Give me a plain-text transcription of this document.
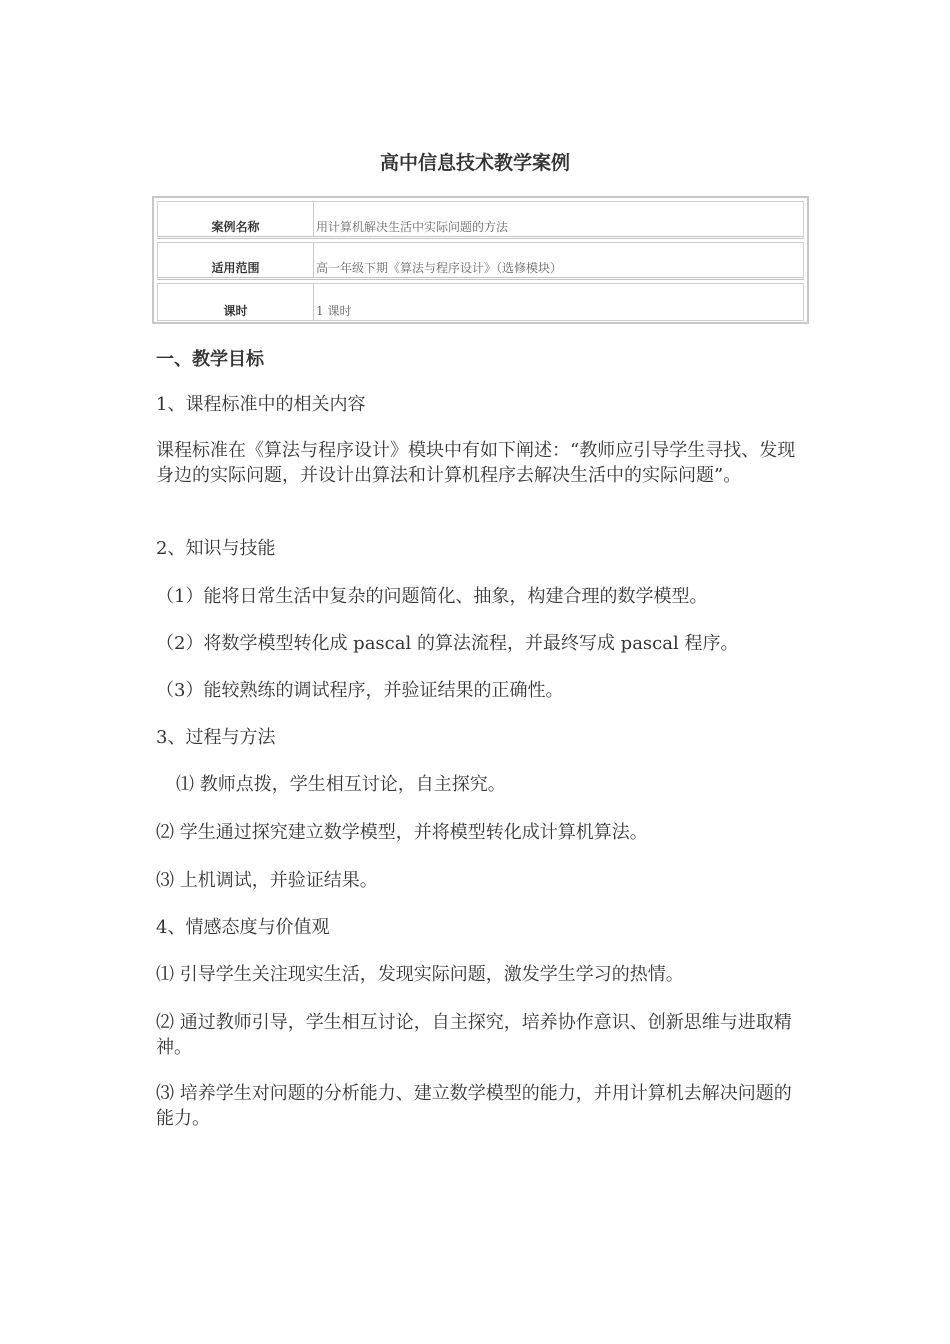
高中信息技术教学案例
案例名称	用计算机解决生活中实际问题的方法
适用范围	高一年级下期《算法与程序设计》（选修模块）
课时	1 课时
一、教学目标
1、课程标准中的相关内容
课程标准在《算法与程序设计》模块中有如下阐述：“教师应引导学生寻找、发现身边的实际问题，并设计出算法和计算机程序去解决生活中的实际问题”。
2、知识与技能
（1）能将日常生活中复杂的问题简化、抽象，构建合理的数学模型。
（2）将数学模型转化成 pascal 的算法流程，并最终写成 pascal 程序。
（3）能较熟练的调试程序，并验证结果的正确性。
3、过程与方法
⑴ 教师点拨，学生相互讨论，自主探究。
⑵ 学生通过探究建立数学模型，并将模型转化成计算机算法。
⑶ 上机调试，并验证结果。
4、情感态度与价值观
⑴ 引导学生关注现实生活，发现实际问题，激发学生学习的热情。
⑵ 通过教师引导，学生相互讨论，自主探究，培养协作意识、创新思维与进取精神。
⑶ 培养学生对问题的分析能力、建立数学模型的能力，并用计算机去解决问题的能力。
